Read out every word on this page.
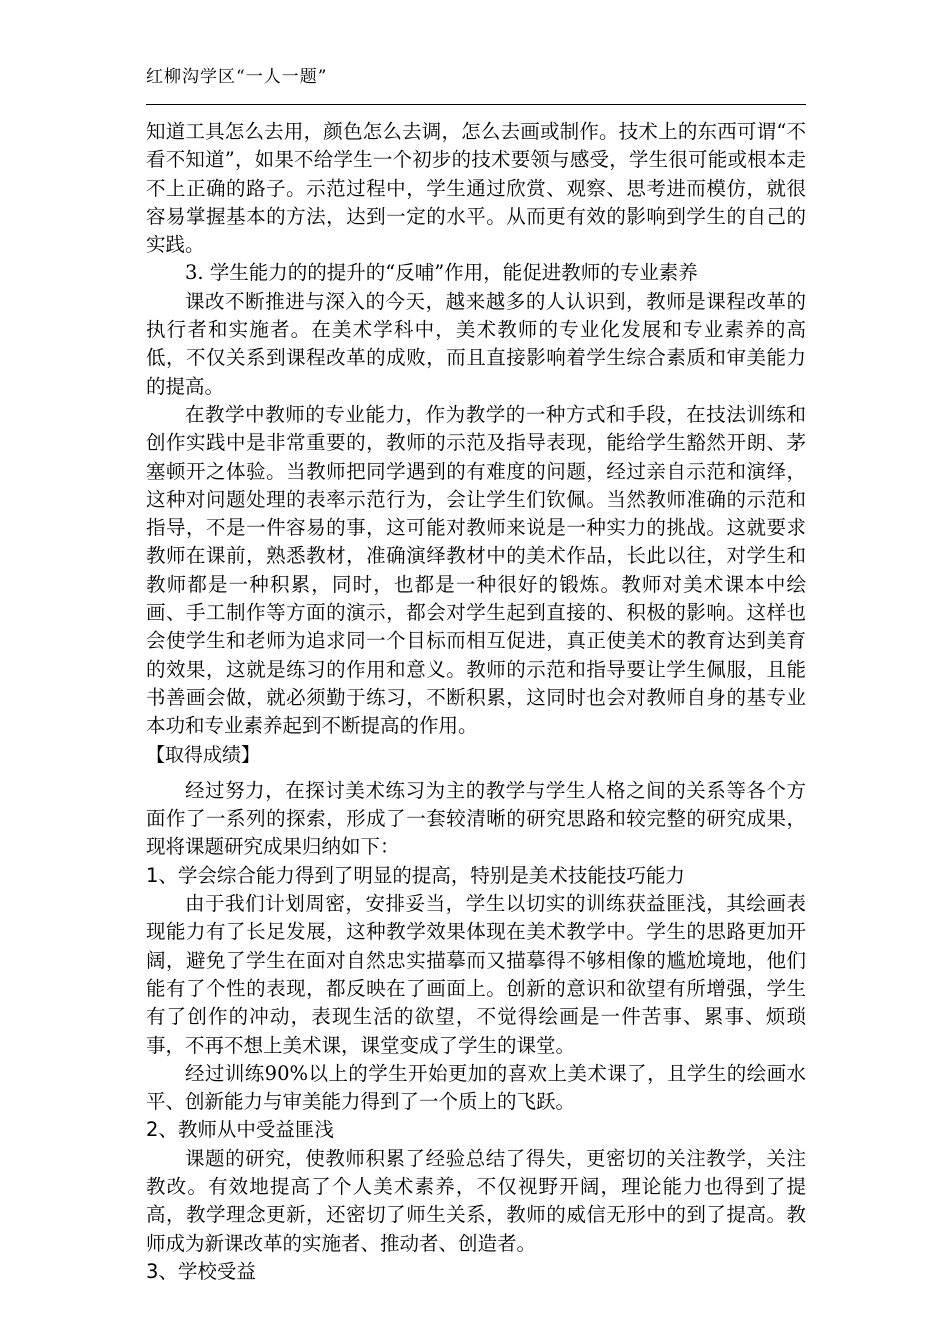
红柳沟学区“一人一题”

知道工具怎么去用，颜色怎么去调，怎么去画或制作。技术上的东西可谓“不看不知道”，如果不给学生一个初步的技术要领与感受，学生很可能或根本走不上正确的路子。示范过程中，学生通过欣赏、观察、思考进而模仿，就很容易掌握基本的方法，达到一定的水平。从而更有效的影响到学生的自己的实践。

3. 学生能力的的提升的“反哺”作用，能促进教师的专业素养

课改不断推进与深入的今天，越来越多的人认识到，教师是课程改革的执行者和实施者。在美术学科中，美术教师的专业化发展和专业素养的高低，不仅关系到课程改革的成败，而且直接影响着学生综合素质和审美能力的提高。

在教学中教师的专业能力，作为教学的一种方式和手段，在技法训练和创作实践中是非常重要的，教师的示范及指导表现，能给学生豁然开朗、茅塞顿开之体验。当教师把同学遇到的有难度的问题，经过亲自示范和演绎，这种对问题处理的表率示范行为，会让学生们钦佩。当然教师准确的示范和指导，不是一件容易的事，这可能对教师来说是一种实力的挑战。这就要求教师在课前，熟悉教材，准确演绎教材中的美术作品，长此以往，对学生和教师都是一种积累，同时，也都是一种很好的锻炼。教师对美术课本中绘画、手工制作等方面的演示，都会对学生起到直接的、积极的影响。这样也会使学生和老师为追求同一个目标而相互促进，真正使美术的教育达到美育的效果，这就是练习的作用和意义。教师的示范和指导要让学生佩服，且能书善画会做，就必须勤于练习，不断积累，这同时也会对教师自身的基专业本功和专业素养起到不断提高的作用。

【取得成绩】

经过努力，在探讨美术练习为主的教学与学生人格之间的关系等各个方面作了一系列的探索，形成了一套较清晰的研究思路和较完整的研究成果，现将课题研究成果归纳如下：

1、学会综合能力得到了明显的提高，特别是美术技能技巧能力

由于我们计划周密，安排妥当，学生以切实的训练获益匪浅，其绘画表现能力有了长足发展，这种教学效果体现在美术教学中。学生的思路更加开阔，避免了学生在面对自然忠实描摹而又描摹得不够相像的尴尬境地，他们能有了个性的表现，都反映在了画面上。创新的意识和欲望有所增强，学生有了创作的冲动，表现生活的欲望，不觉得绘画是一件苦事、累事、烦琐事，不再不想上美术课，课堂变成了学生的课堂。

经过训练90%以上的学生开始更加的喜欢上美术课了，且学生的绘画水平、创新能力与审美能力得到了一个质上的飞跃。

2、教师从中受益匪浅

课题的研究，使教师积累了经验总结了得失，更密切的关注教学，关注教改。有效地提高了个人美术素养，不仅视野开阔，理论能力也得到了提高，教学理念更新，还密切了师生关系，教师的威信无形中的到了提高。教师成为新课改革的实施者、推动者、创造者。

3、学校受益
